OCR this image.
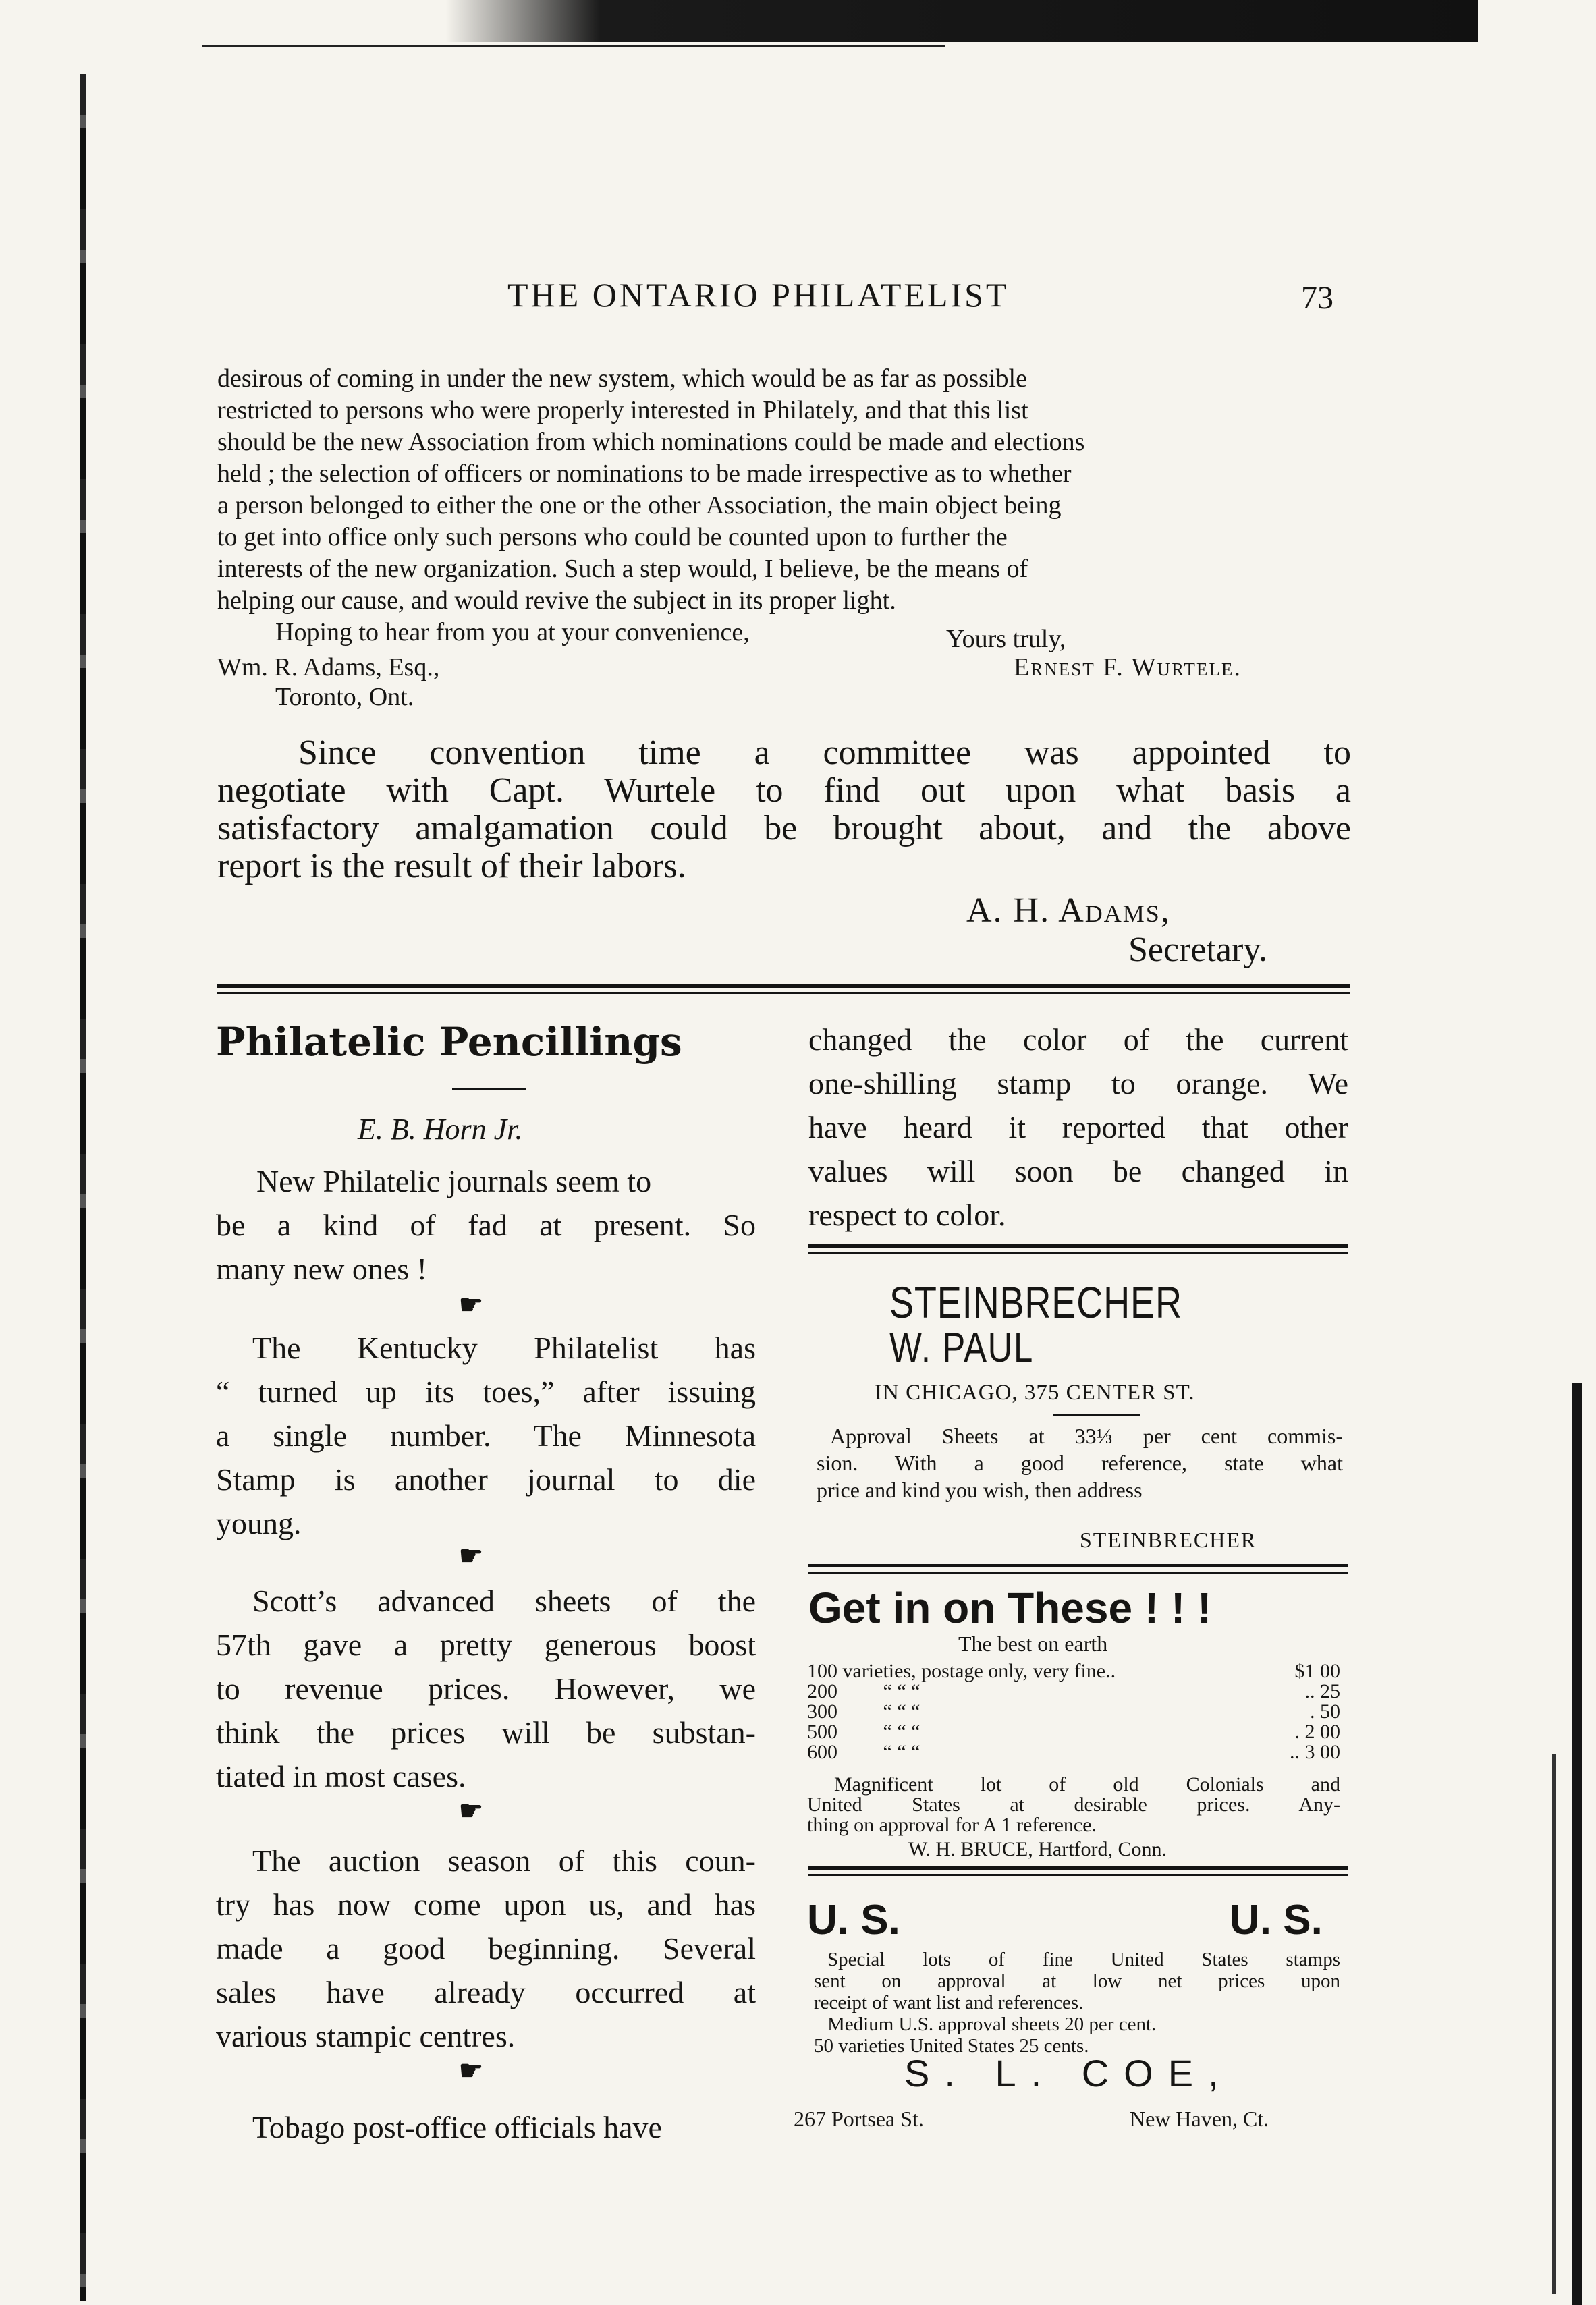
THE ONTARIO PHILATELIST	73
desirous of coming in under the new system, which would be as far as possible
restricted to persons who were properly interested in Philately, and that this list
should be the new Association from which nominations could be made and elections
held ; the selection of officers or nominations to be made irrespective as to whether
a person belonged to either the one or the other Association, the main object being
to get into office only such persons who could be counted upon to further the
interests of the new organization. Such a step would, I believe, be the means of
helping our cause, and would revive the subject in its proper light.
Hoping to hear from you at your convenience,	Yours truly,
Wm. R. Adams, Esq.,	Ernest F. Wurtele.
Toronto, Ont.
Since convention time a committee was appointed to
negotiate with Capt. Wurtele to find out upon what basis a
satisfactory amalgamation could be brought about, and the above
report is the result of their labors.
A. H. Adams,
Secretary.
Philatelic Pencillings
E. B. Horn Jr.
New Philatelic journals seem to
be a kind of fad at present. So
many new ones !
☛
The Kentucky Philatelist has
“ turned up its toes,” after issuing
a single number. The Minnesota
Stamp is another journal to die
young.
☛
Scott’s advanced sheets of the
57th gave a pretty generous boost
to revenue prices. However, we
think the prices will be substan-
tiated in most cases.
☛
The auction season of this coun-
try has now come upon us, and has
made a good beginning. Several
sales have already occurred at
various stampic centres.
☛
Tobago post-office officials have
changed the color of the current
one-shilling stamp to orange. We
have heard it reported that other
values will soon be changed in
respect to color.
STEINBRECHER
W. PAUL
IN CHICAGO, 375 CENTER ST.
Approval Sheets at 33⅓ per cent commis-
sion. With a good reference, state what
price and kind you wish, then address
STEINBRECHER
Get in on These ! ! !
The best on earth
100 varieties, postage only, very fine..	$1 00
200 “ “ “	.. 25
300 “ “ “	. 50
500 “ “ “	. 2 00
600 “ “ “	.. 3 00
Magnificent lot of old Colonials and
United States at desirable prices. Any-
thing on approval for A 1 reference.
W. H. BRUCE, Hartford, Conn.
U. S.	U. S.
Special lots of fine United States stamps
sent on approval at low net prices upon
receipt of want list and references.
Medium U.S. approval sheets 20 per cent.
50 varieties United States 25 cents.
S. L. COE,
267 Portsea St.	New Haven, Ct.
